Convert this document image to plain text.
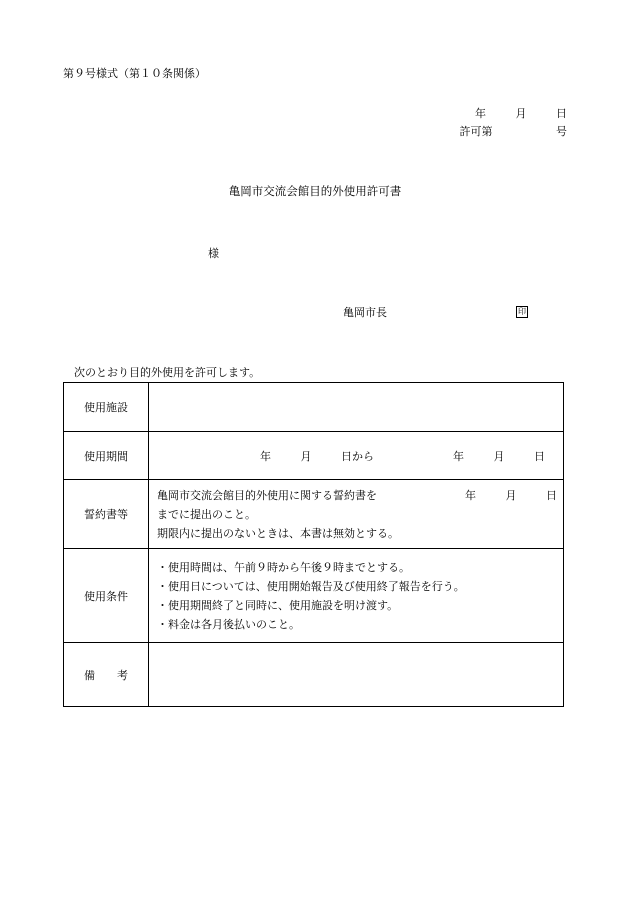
第９号様式（第１０条関係）
年	月	日
許可第	号
亀岡市交流会館目的外使用許可書
様
亀岡市長	印
次のとおり目的外使用を許可します。
使用施設	
使用期間	年 月 日から 年 月 日

誓約書等	亀岡市交流会館目的外使用に関する誓約書を 年 月 日
までに提出のこと。
期限内に提出のないときは、本書は無効とする。

使用条件	・使用時間は、午前９時から午後９時までとする。
・使用日については、使用開始報告及び使用終了報告を行う。
・使用期間終了と同時に、使用施設を明け渡す。
・料金は各月後払いのこと。

備　　考	
